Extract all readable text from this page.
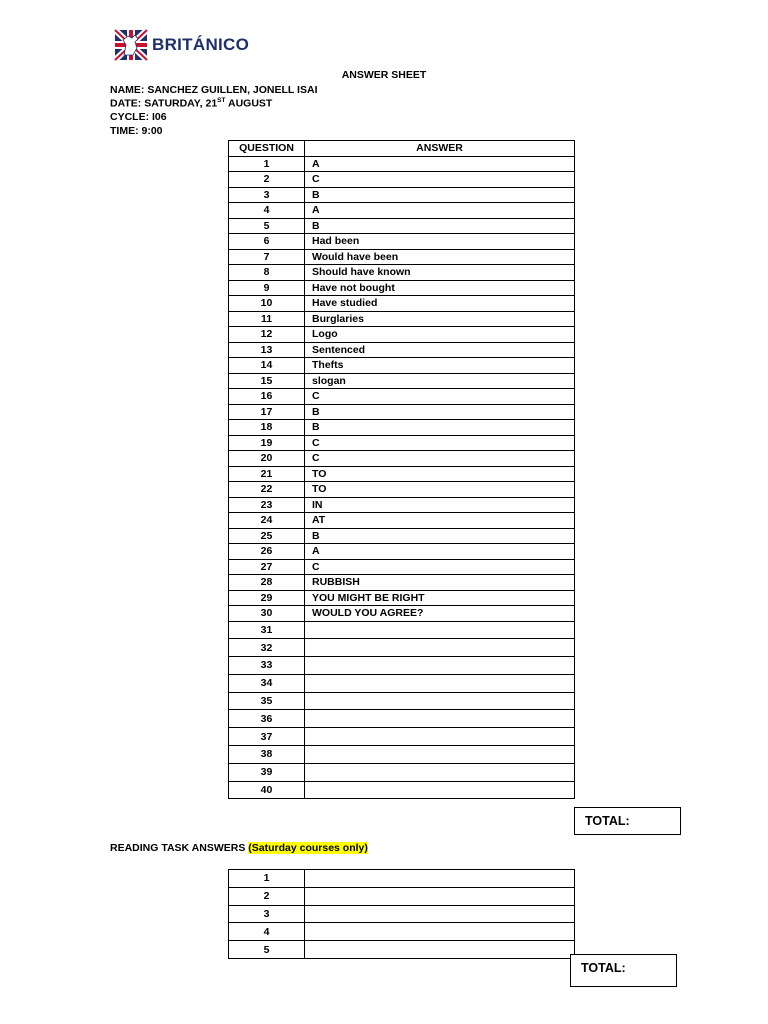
BRITÁNICO
ANSWER SHEET
NAME: SANCHEZ GUILLEN, JONELL ISAI
DATE: SATURDAY, 21ST AUGUST
CYCLE: I06
TIME: 9:00
QUESTION	ANSWER
1	A
2	C
3	B
4	A
5	B
6	Had been
7	Would have been
8	Should have known
9	Have not bought
10	Have studied
11	Burglaries
12	Logo
13	Sentenced
14	Thefts
15	slogan
16	C
17	B
18	B
19	C
20	C
21	TO
22	TO
23	IN
24	AT
25	B
26	A
27	C
28	RUBBISH
29	YOU MIGHT BE RIGHT
30	WOULD YOU AGREE?
31	
32	
33	
34	
35	
36	
37	
38	
39	
40	
TOTAL:
READING TASK ANSWERS (Saturday courses only)
1	
2	
3	
4	
5	
TOTAL:
